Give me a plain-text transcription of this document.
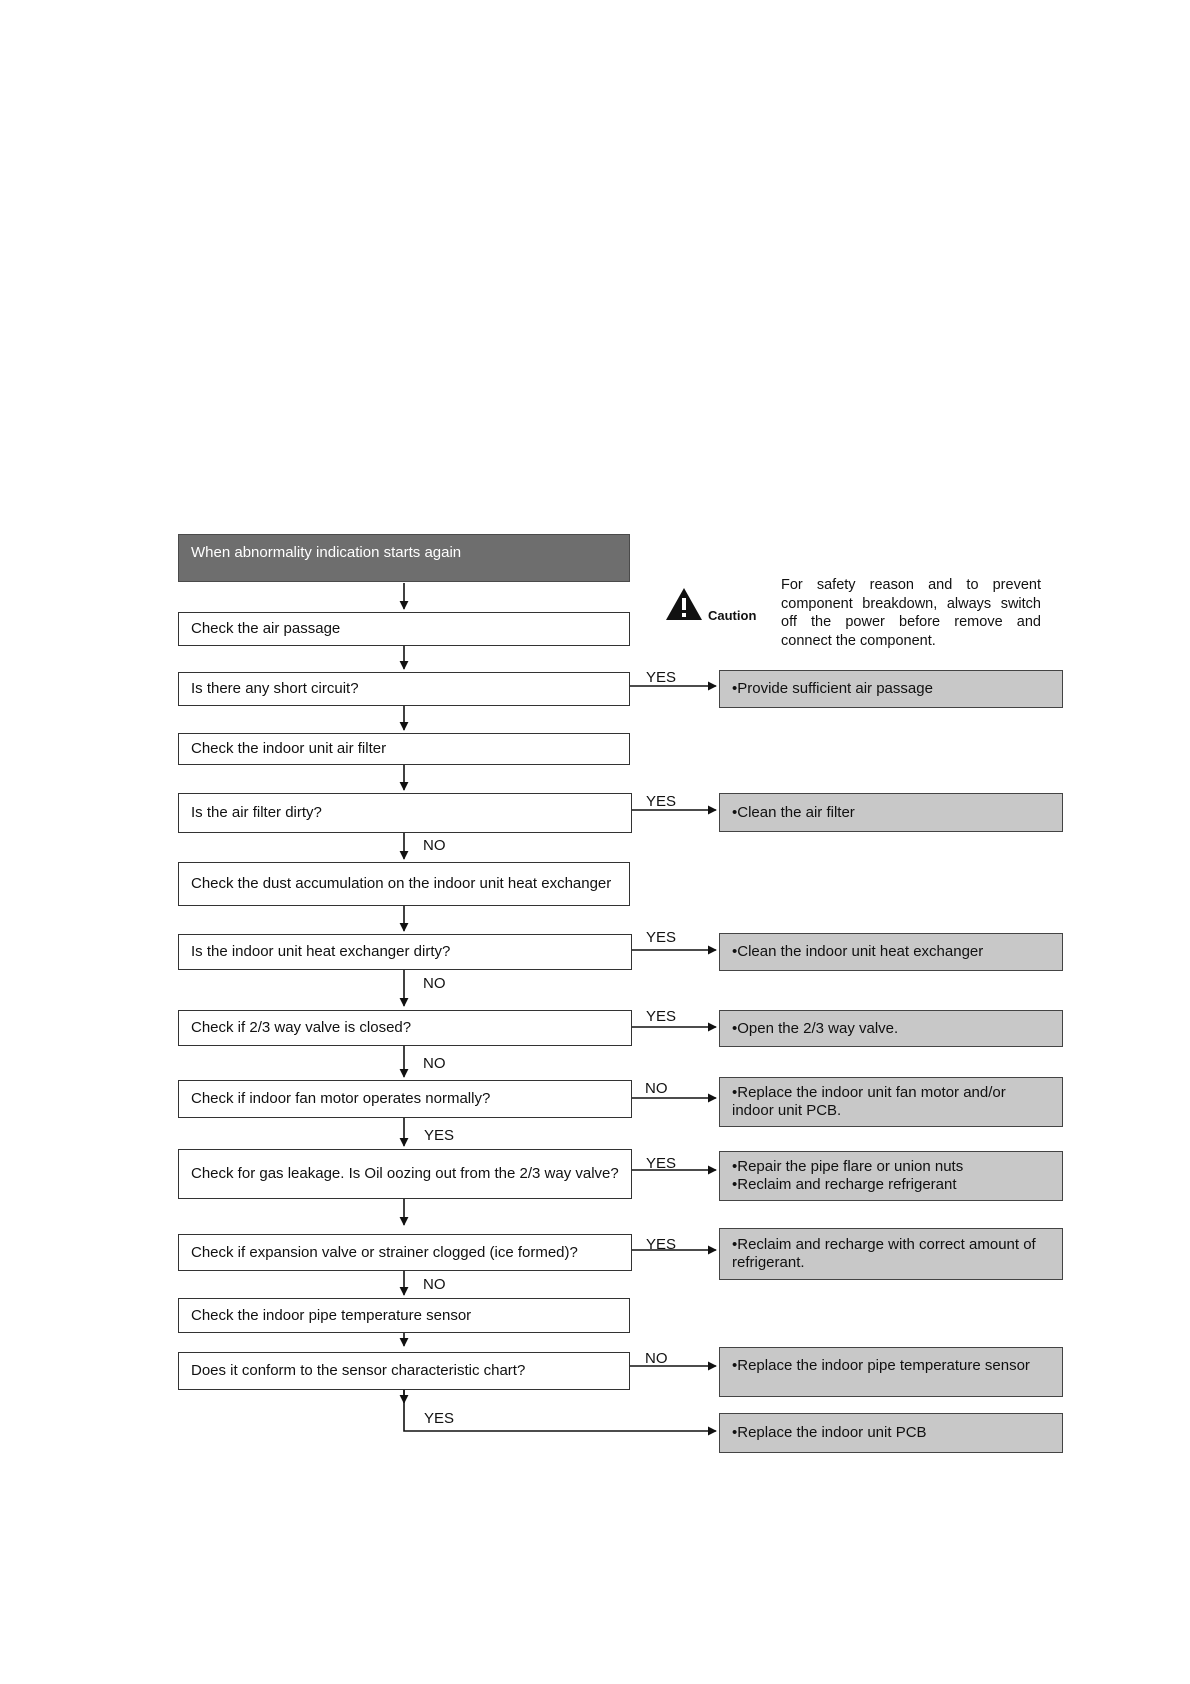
When abnormality indication starts again
Check the air passage
Is there any short circuit?
Check the indoor unit air filter
Is the air filter dirty?
Check the dust accumulation on the indoor unit heat exchanger
Is the indoor unit heat exchanger dirty?
Check if 2/3 way valve is closed?
Check if indoor fan motor operates normally?
Check for gas leakage. Is Oil oozing out from the 2/3 way valve?
Check if expansion valve or strainer clogged (ice formed)?
Check the indoor pipe temperature sensor
Does it conform to the sensor characteristic chart?
•Provide sufficient air passage
•Clean the air filter
•Clean the indoor unit heat exchanger
•Open the 2/3 way valve.
•Replace the indoor unit fan motor and/or indoor unit PCB.
•Repair the pipe flare or union nuts
•Reclaim and recharge refrigerant
•Reclaim and recharge with correct amount of refrigerant.
•Replace the indoor pipe temperature sensor
•Replace the indoor unit PCB
YES
YES
NO
YES
NO
YES
NO
NO
YES
YES
YES
NO
NO
YES
Caution
For safety reason and to prevent component breakdown, always switch off the power before remove and connect the component.
